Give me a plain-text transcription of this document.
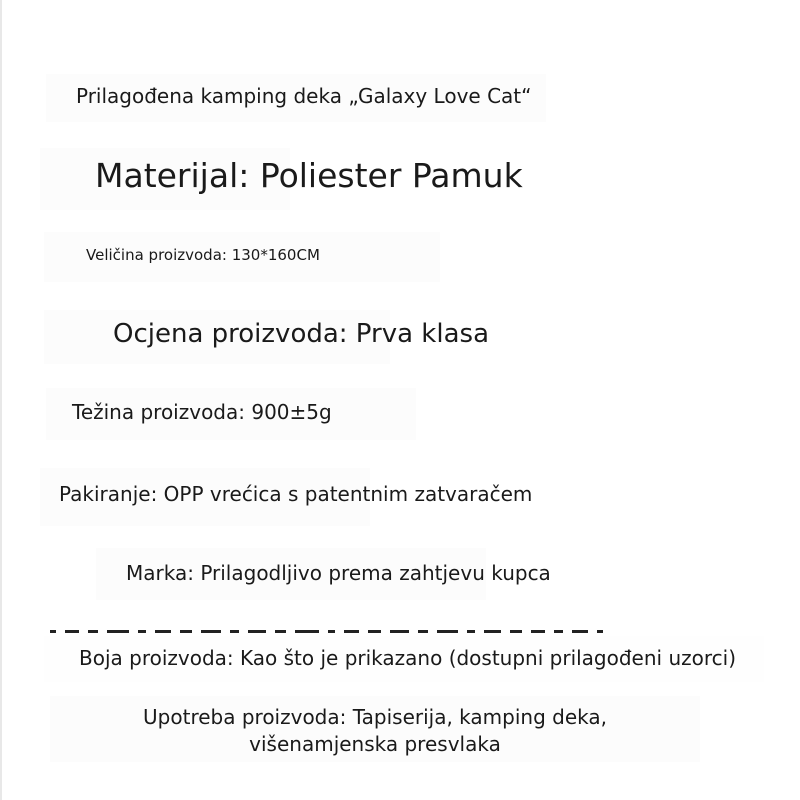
Prilagođena kamping deka „Galaxy Love Cat“
Materijal: Poliester Pamuk
Veličina proizvoda: 130*160CM
Ocjena proizvoda: Prva klasa
Težina proizvoda: 900±5g
Pakiranje: OPP vrećica s patentnim zatvaračem
Marka: Prilagodljivo prema zahtjevu kupca
Boja proizvoda: Kao što je prikazano (dostupni prilagođeni uzorci)
Upotreba proizvoda: Tapiserija, kamping deka, višenamjenska presvlaka
